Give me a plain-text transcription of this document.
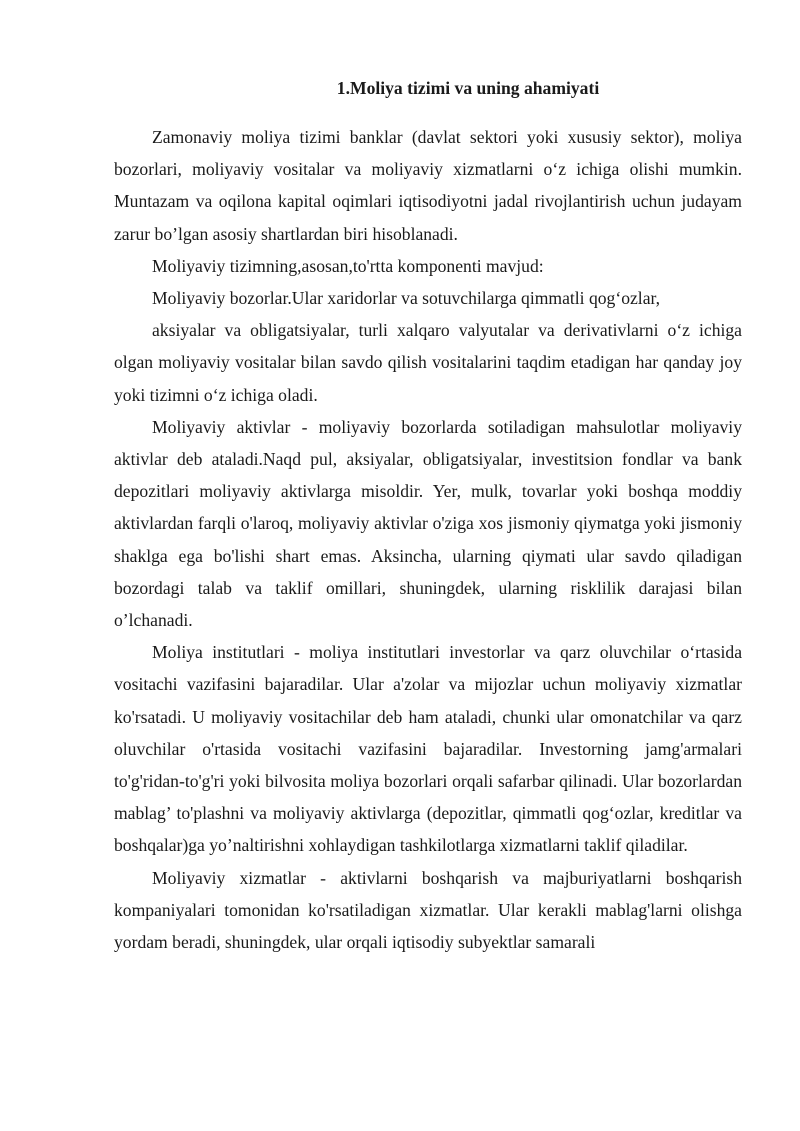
1.Moliya tizimi va uning ahamiyati

Zamonaviy moliya tizimi banklar (davlat sektori yoki xususiy sektor), moliya bozorlari, moliyaviy vositalar va moliyaviy xizmatlarni o‘z ichiga olishi mumkin. Muntazam va oqilona kapital oqimlari iqtisodiyotni jadal rivojlantirish uchun judayam zarur bo’lgan asosiy shartlardan biri hisoblanadi.

Moliyaviy tizimning,asosan,to'rtta komponenti mavjud:

Moliyaviy bozorlar.Ular xaridorlar va sotuvchilarga qimmatli qog‘ozlar,

aksiyalar va obligatsiyalar, turli xalqaro valyutalar va derivativlarni o‘z ichiga olgan moliyaviy vositalar bilan savdo qilish vositalarini taqdim etadigan har qanday joy yoki tizimni o‘z ichiga oladi.

Moliyaviy aktivlar - moliyaviy bozorlarda sotiladigan mahsulotlar moliyaviy aktivlar deb ataladi.Naqd pul, aksiyalar, obligatsiyalar, investitsion fondlar va bank depozitlari moliyaviy aktivlarga misoldir. Yer, mulk, tovarlar yoki boshqa moddiy aktivlardan farqli o'laroq, moliyaviy aktivlar o'ziga xos jismoniy qiymatga yoki jismoniy shaklga ega bo'lishi shart emas. Aksincha, ularning qiymati ular savdo qiladigan bozordagi talab va taklif omillari, shuningdek, ularning risklilik darajasi bilan o’lchanadi.

Moliya institutlari - moliya institutlari investorlar va qarz oluvchilar o‘rtasida vositachi vazifasini bajaradilar. Ular a'zolar va mijozlar uchun moliyaviy xizmatlar ko'rsatadi. U moliyaviy vositachilar deb ham ataladi, chunki ular omonatchilar va qarz oluvchilar o'rtasida vositachi vazifasini bajaradilar. Investorning jamg'armalari to'g'ridan-to'g'ri yoki bilvosita moliya bozorlari orqali safarbar qilinadi. Ular bozorlardan mablag’ to'plashni va moliyaviy aktivlarga (depozitlar, qimmatli qog‘ozlar, kreditlar va boshqalar)ga yo’naltirishni xohlaydigan tashkilotlarga xizmatlarni taklif qiladilar.

Moliyaviy xizmatlar - aktivlarni boshqarish va majburiyatlarni boshqarish kompaniyalari tomonidan ko'rsatiladigan xizmatlar. Ular kerakli mablag'larni olishga yordam beradi, shuningdek, ular orqali iqtisodiy subyektlar samarali
